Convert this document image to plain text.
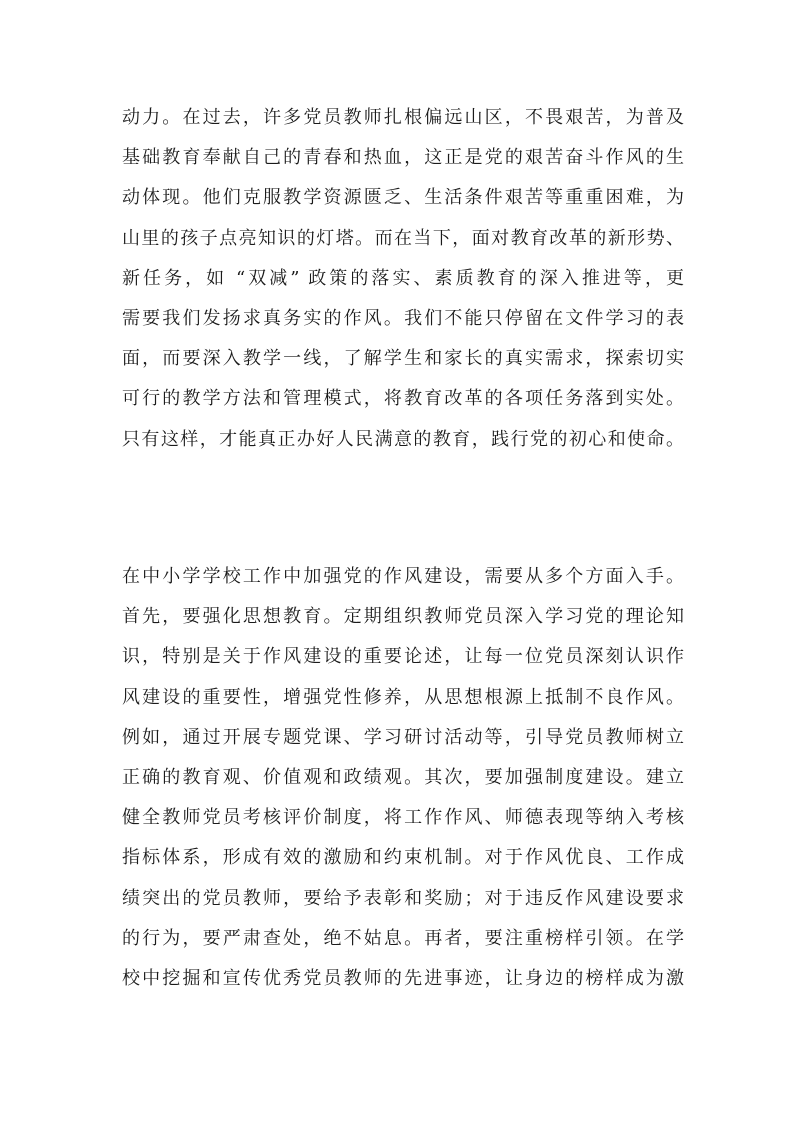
动力。在过去，许多党员教师扎根偏远山区，不畏艰苦，为普及
基础教育奉献自己的青春和热血，这正是党的艰苦奋斗作风的生
动体现。他们克服教学资源匮乏、生活条件艰苦等重重困难，为
山里的孩子点亮知识的灯塔。而在当下，面对教育改革的新形势、
新任务，如 “双减” 政策的落实、素质教育的深入推进等，更
需要我们发扬求真务实的作风。我们不能只停留在文件学习的表
面，而要深入教学一线，了解学生和家长的真实需求，探索切实
可行的教学方法和管理模式，将教育改革的各项任务落到实处。
只有这样，才能真正办好人民满意的教育，践行党的初心和使命。
在中小学学校工作中加强党的作风建设，需要从多个方面入手。
首先，要强化思想教育。定期组织教师党员深入学习党的理论知
识，特别是关于作风建设的重要论述，让每一位党员深刻认识作
风建设的重要性，增强党性修养，从思想根源上抵制不良作风。
例如，通过开展专题党课、学习研讨活动等，引导党员教师树立
正确的教育观、价值观和政绩观。其次，要加强制度建设。建立
健全教师党员考核评价制度，将工作作风、师德表现等纳入考核
指标体系，形成有效的激励和约束机制。对于作风优良、工作成
绩突出的党员教师，要给予表彰和奖励；对于违反作风建设要求
的行为，要严肃查处，绝不姑息。再者，要注重榜样引领。在学
校中挖掘和宣传优秀党员教师的先进事迹，让身边的榜样成为激
